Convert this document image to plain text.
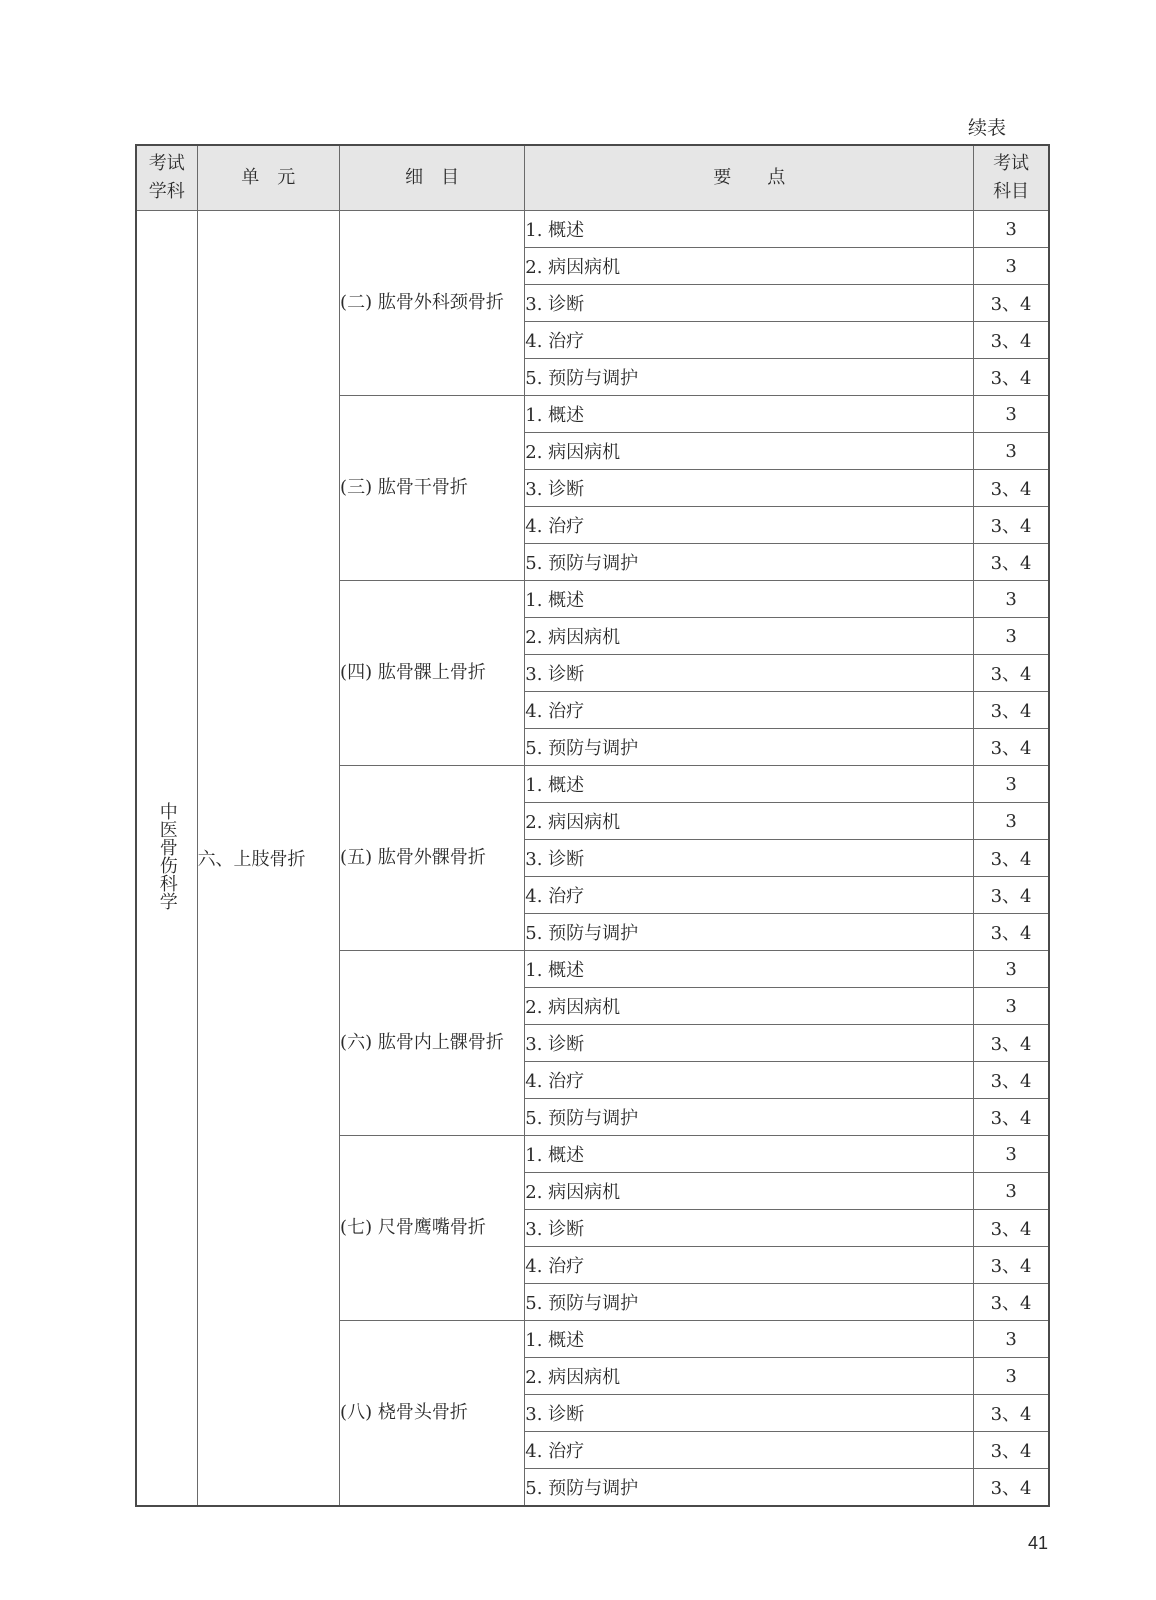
续表
考试学科	单　元	细　目	要　　点	考试科目
中医骨伤科学	六、上肢骨折	(二) 肱骨外科颈骨折	1. 概述	3
			2. 病因病机	3
			3. 诊断	3、4
			4. 治疗	3、4
			5. 预防与调护	3、4
		(三) 肱骨干骨折	1. 概述	3
			2. 病因病机	3
			3. 诊断	3、4
			4. 治疗	3、4
			5. 预防与调护	3、4
		(四) 肱骨髁上骨折	1. 概述	3
			2. 病因病机	3
			3. 诊断	3、4
			4. 治疗	3、4
			5. 预防与调护	3、4
		(五) 肱骨外髁骨折	1. 概述	3
			2. 病因病机	3
			3. 诊断	3、4
			4. 治疗	3、4
			5. 预防与调护	3、4
		(六) 肱骨内上髁骨折	1. 概述	3
			2. 病因病机	3
			3. 诊断	3、4
			4. 治疗	3、4
			5. 预防与调护	3、4
		(七) 尺骨鹰嘴骨折	1. 概述	3
			2. 病因病机	3
			3. 诊断	3、4
			4. 治疗	3、4
			5. 预防与调护	3、4
		(八) 桡骨头骨折	1. 概述	3
			2. 病因病机	3
			3. 诊断	3、4
			4. 治疗	3、4
			5. 预防与调护	3、4
41
